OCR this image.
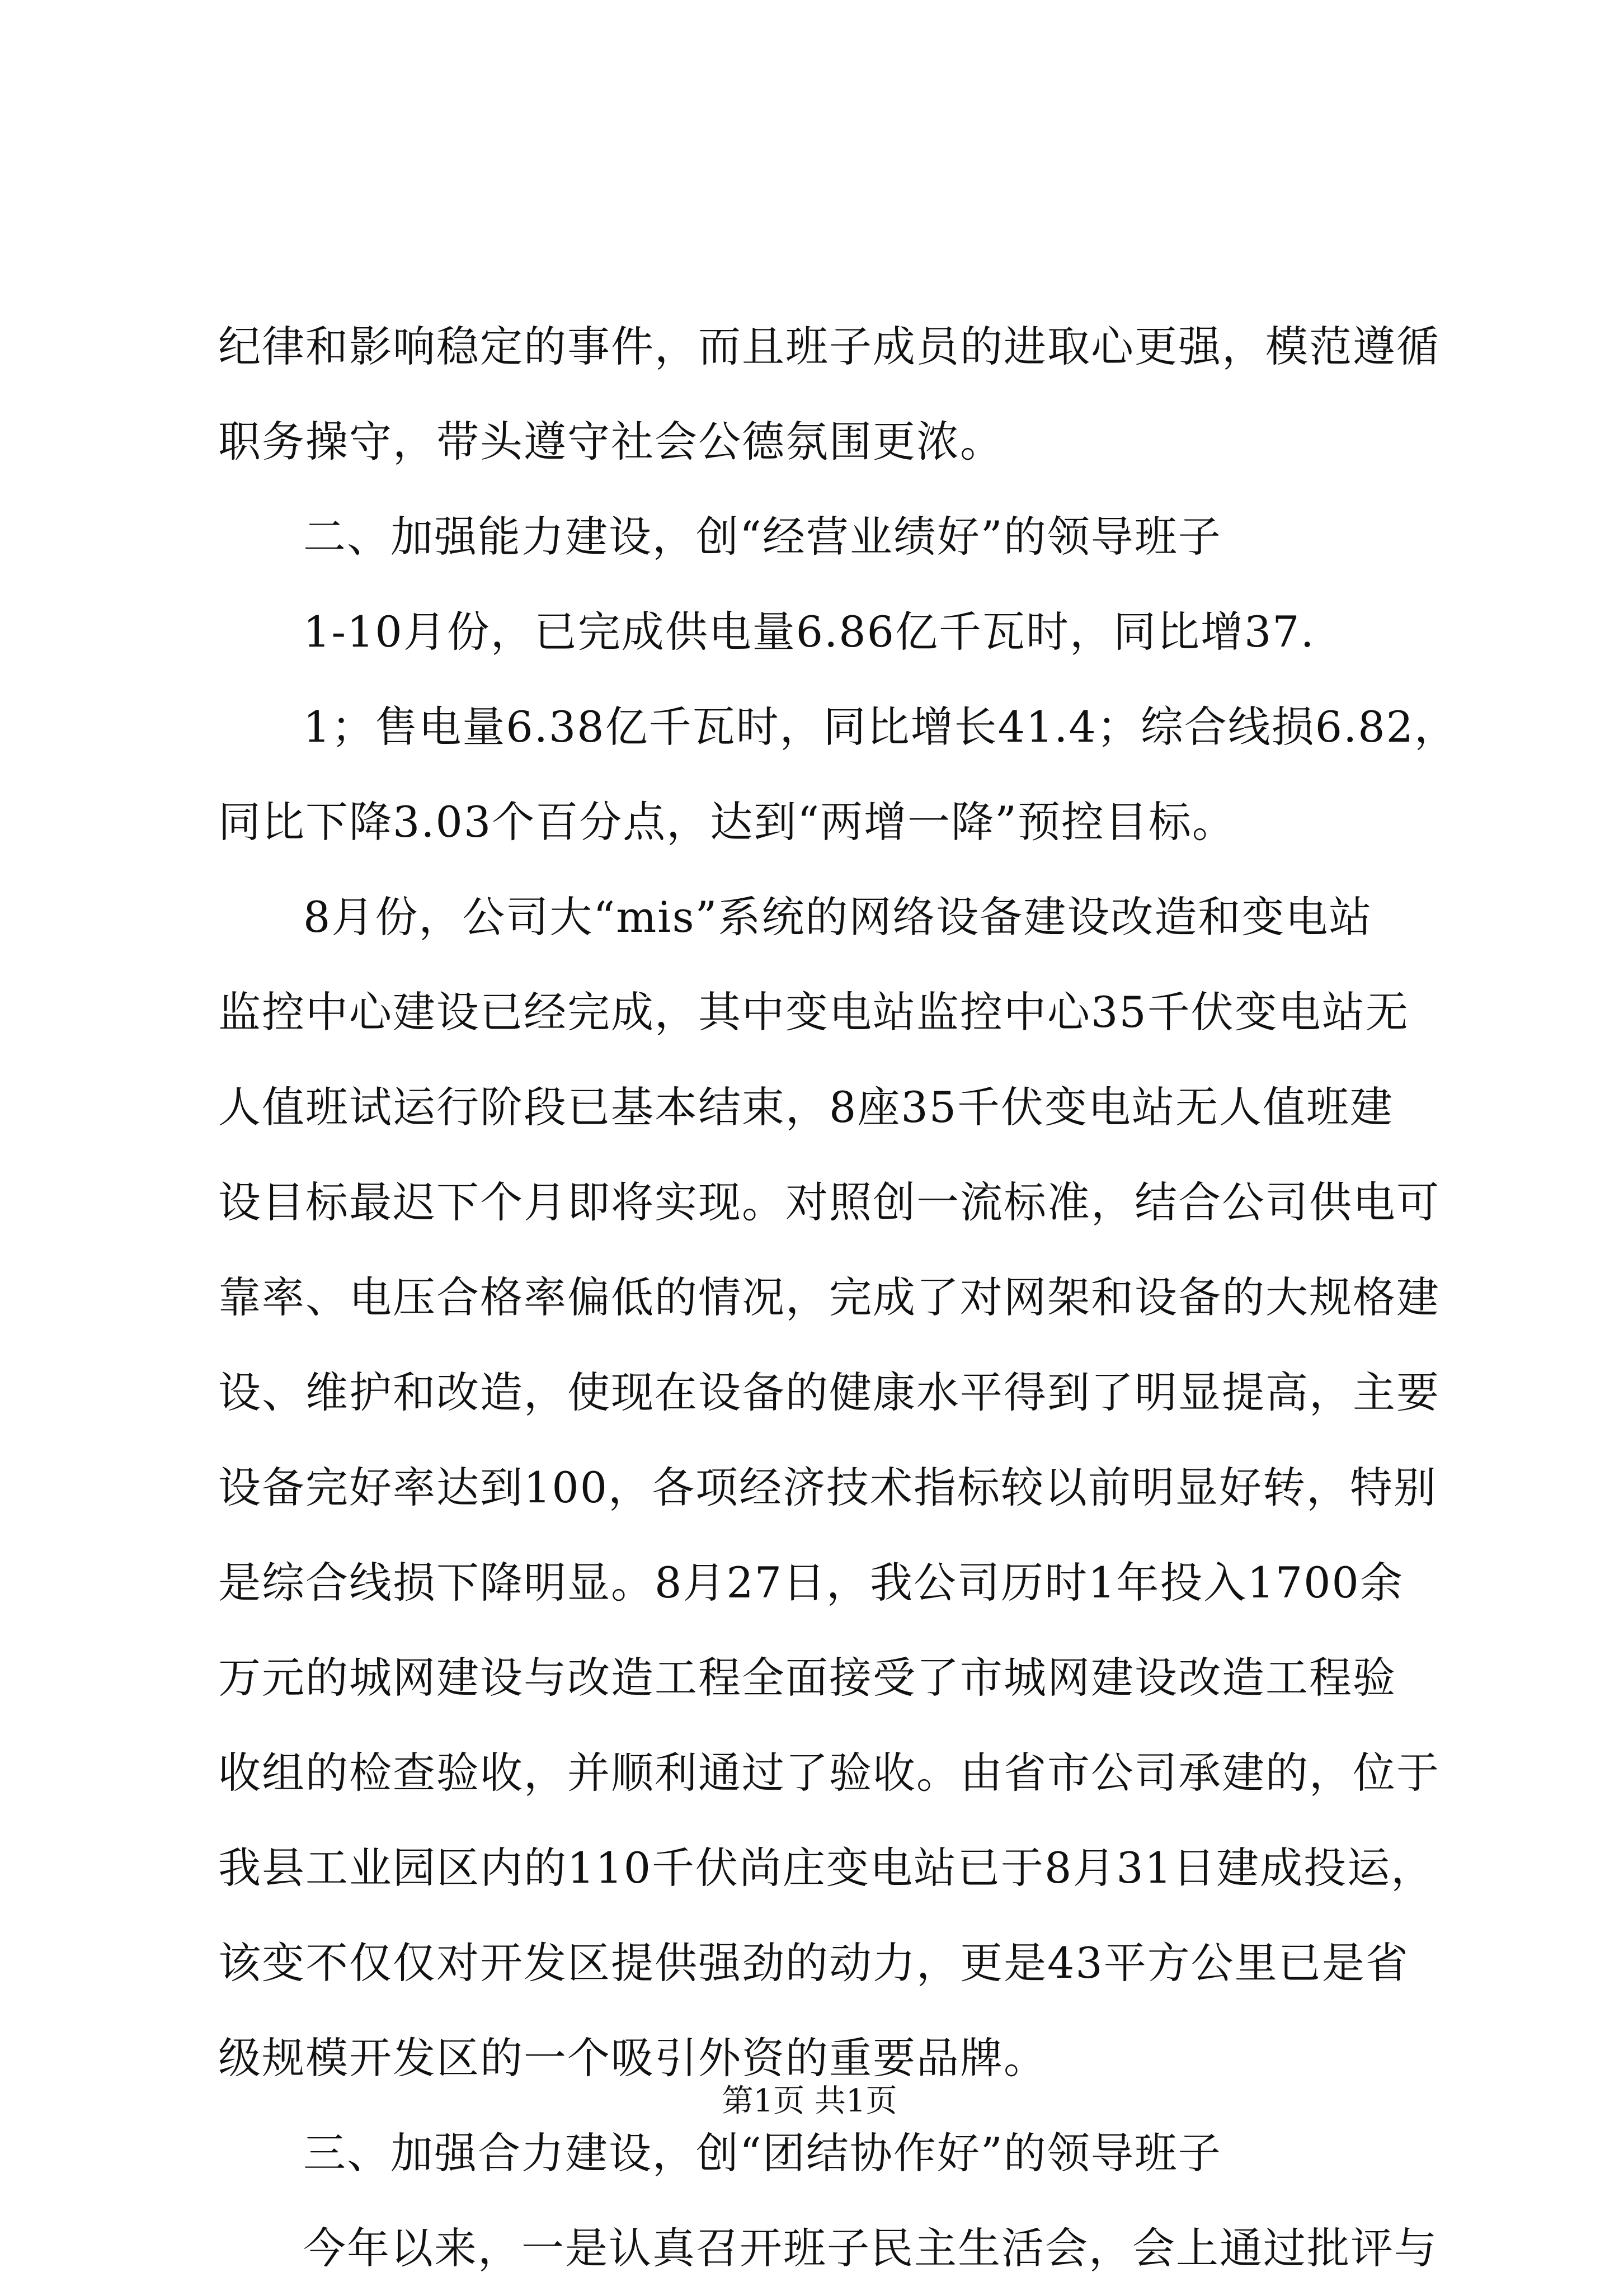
纪律和影响稳定的事件，而且班子成员的进取心更强，模范遵循
职务操守，带头遵守社会公德氛围更浓。
二、加强能力建设，创“经营业绩好”的领导班子
1-10月份，已完成供电量6.86亿千瓦时，同比增37.
1；售电量6.38亿千瓦时，同比增长41.4；综合线损6.82，
同比下降3.03个百分点，达到“两增一降”预控目标。
8月份，公司大“mis”系统的网络设备建设改造和变电站
监控中心建设已经完成，其中变电站监控中心35千伏变电站无
人值班试运行阶段已基本结束，8座35千伏变电站无人值班建
设目标最迟下个月即将实现。对照创一流标准，结合公司供电可
靠率、电压合格率偏低的情况，完成了对网架和设备的大规格建
设、维护和改造，使现在设备的健康水平得到了明显提高，主要
设备完好率达到100，各项经济技术指标较以前明显好转，特别
是综合线损下降明显。8月27日，我公司历时1年投入1700余
万元的城网建设与改造工程全面接受了市城网建设改造工程验
收组的检查验收，并顺利通过了验收。由省市公司承建的，位于
我县工业园区内的110千伏尚庄变电站已于8月31日建成投运，
该变不仅仅对开发区提供强劲的动力，更是43平方公里已是省
级规模开发区的一个吸引外资的重要品牌。
三、加强合力建设，创“团结协作好”的领导班子
今年以来，一是认真召开班子民主生活会，会上通过批评与
第1页 共1页
